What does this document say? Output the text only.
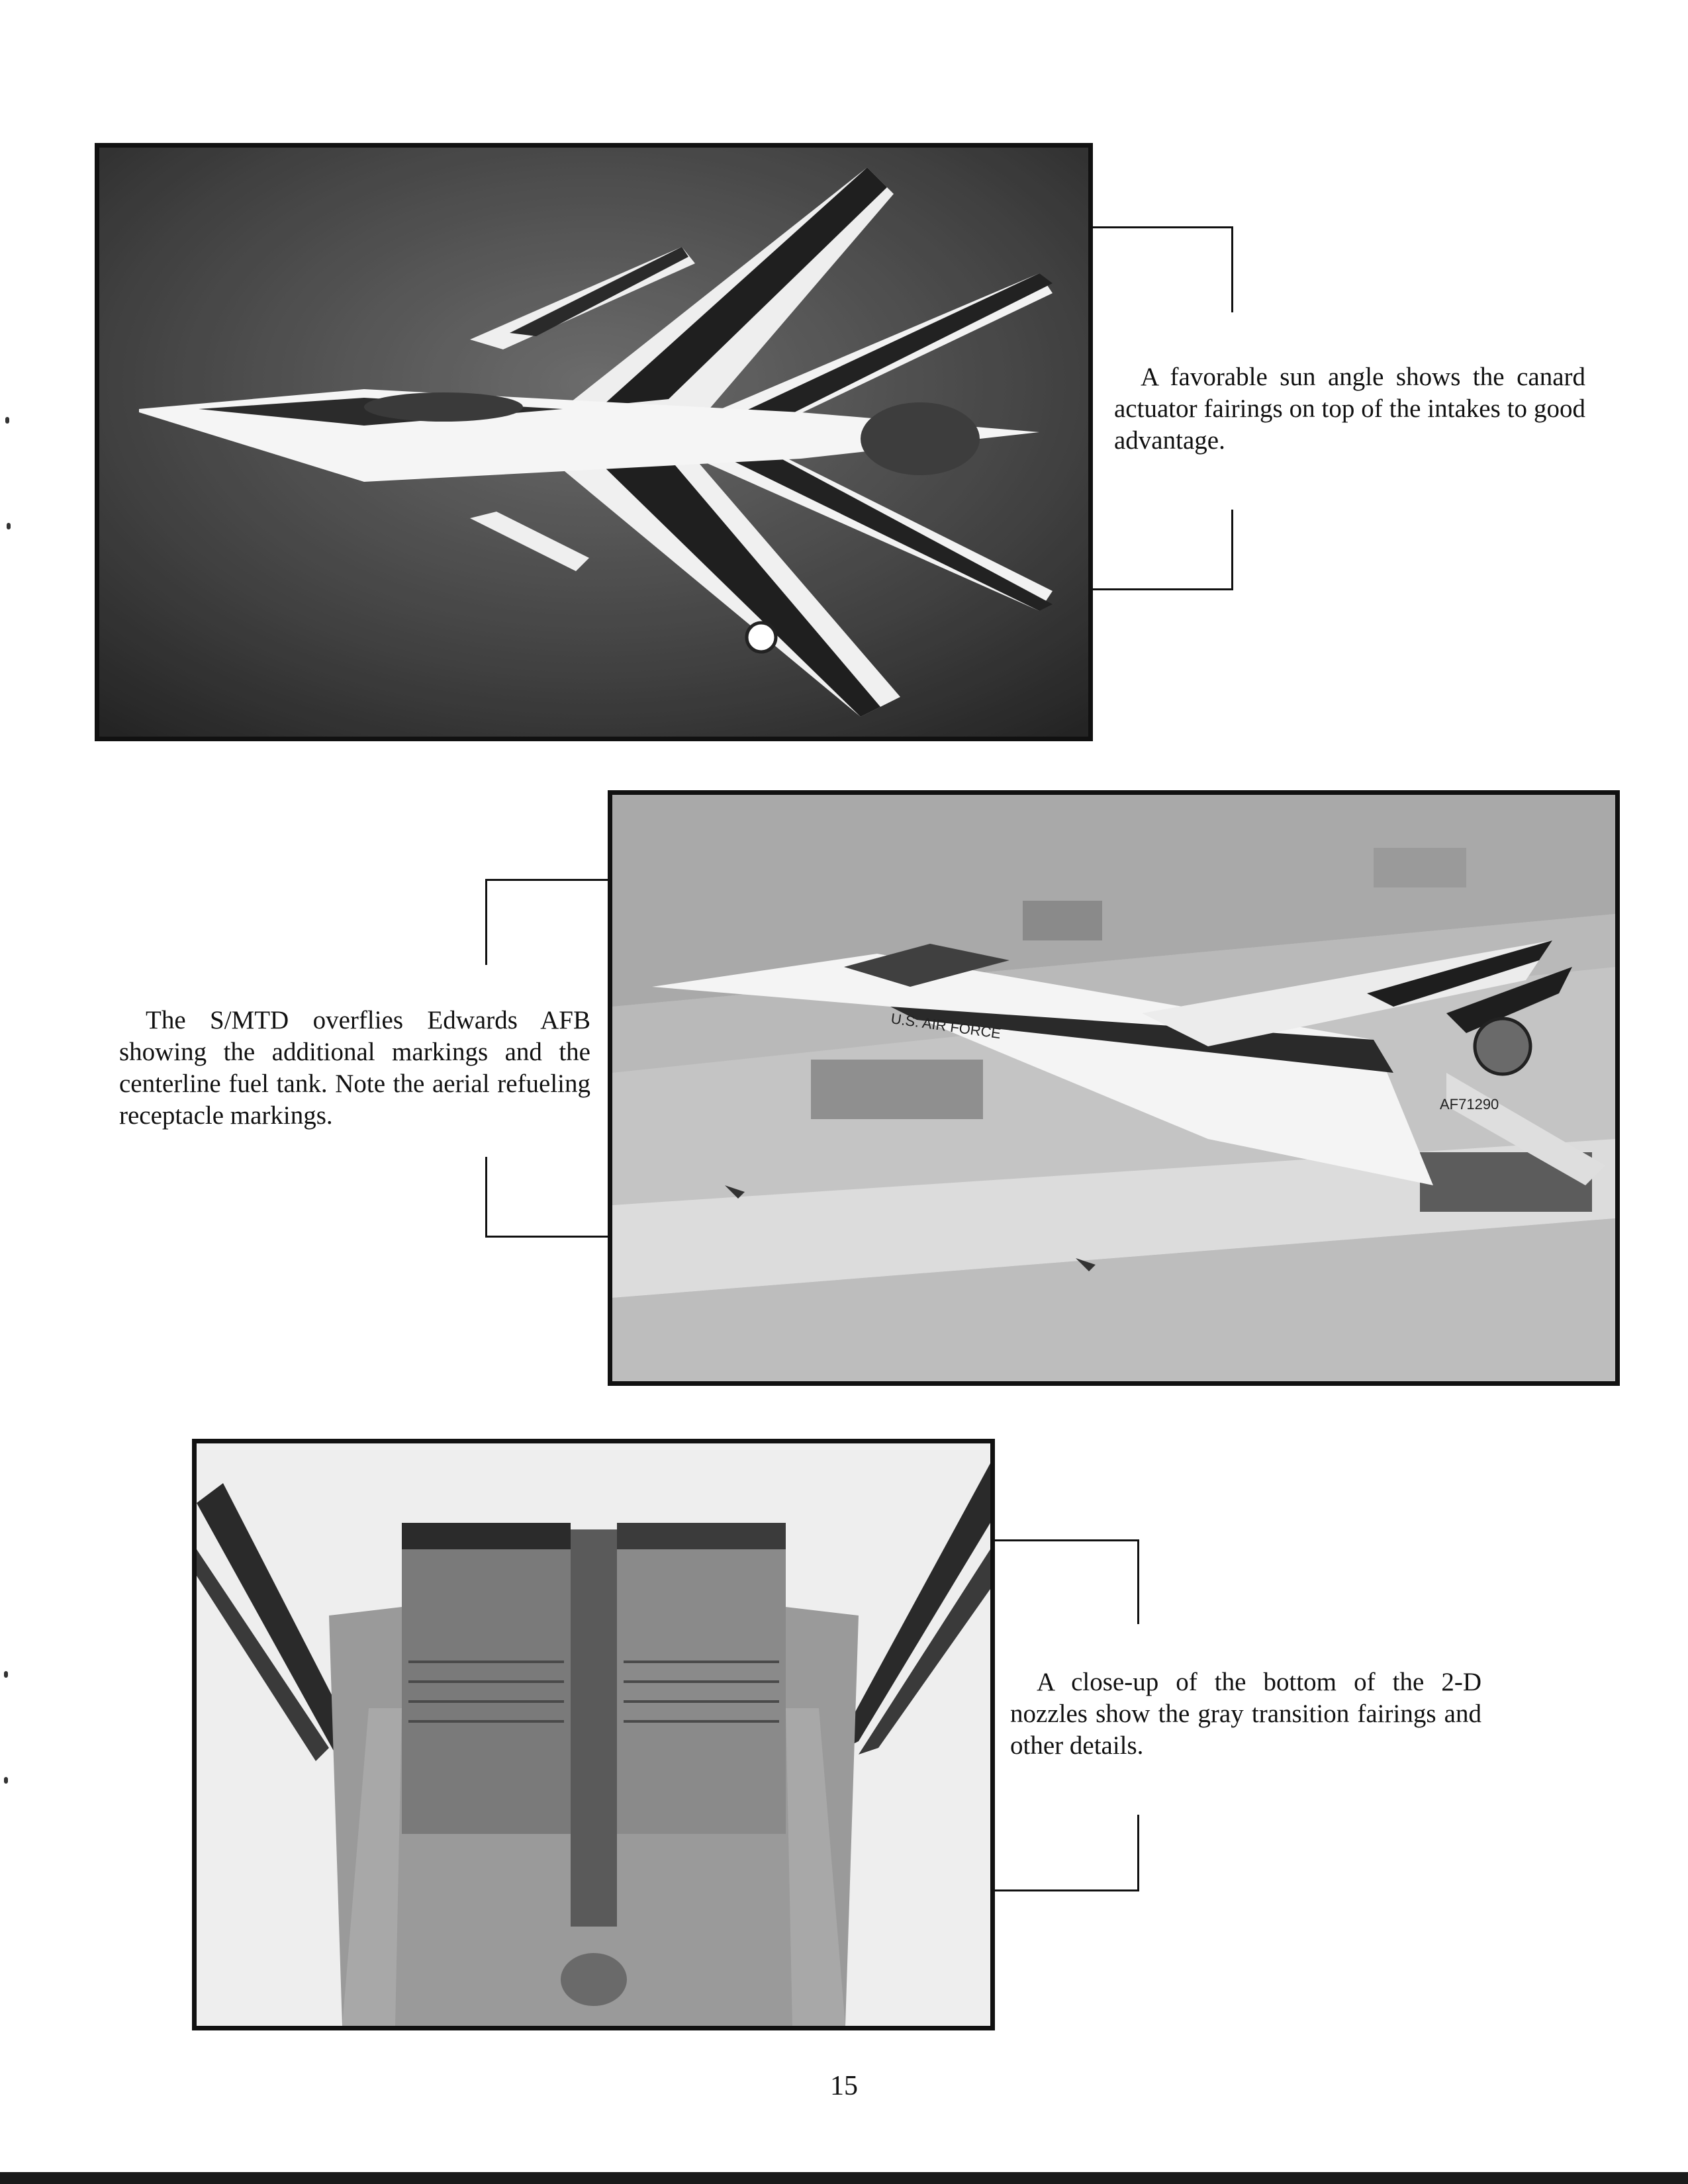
A favorable sun angle shows the canard actuator fairings on top of the intakes to good advantage.

U.S. AIR FORCE
AF71290

The S/MTD overflies Edwards AFB showing the additional markings and the centerline fuel tank. Note the aerial refueling receptacle markings.

A close-up of the bottom of the 2-D nozzles show the gray transition fairings and other details.

15
